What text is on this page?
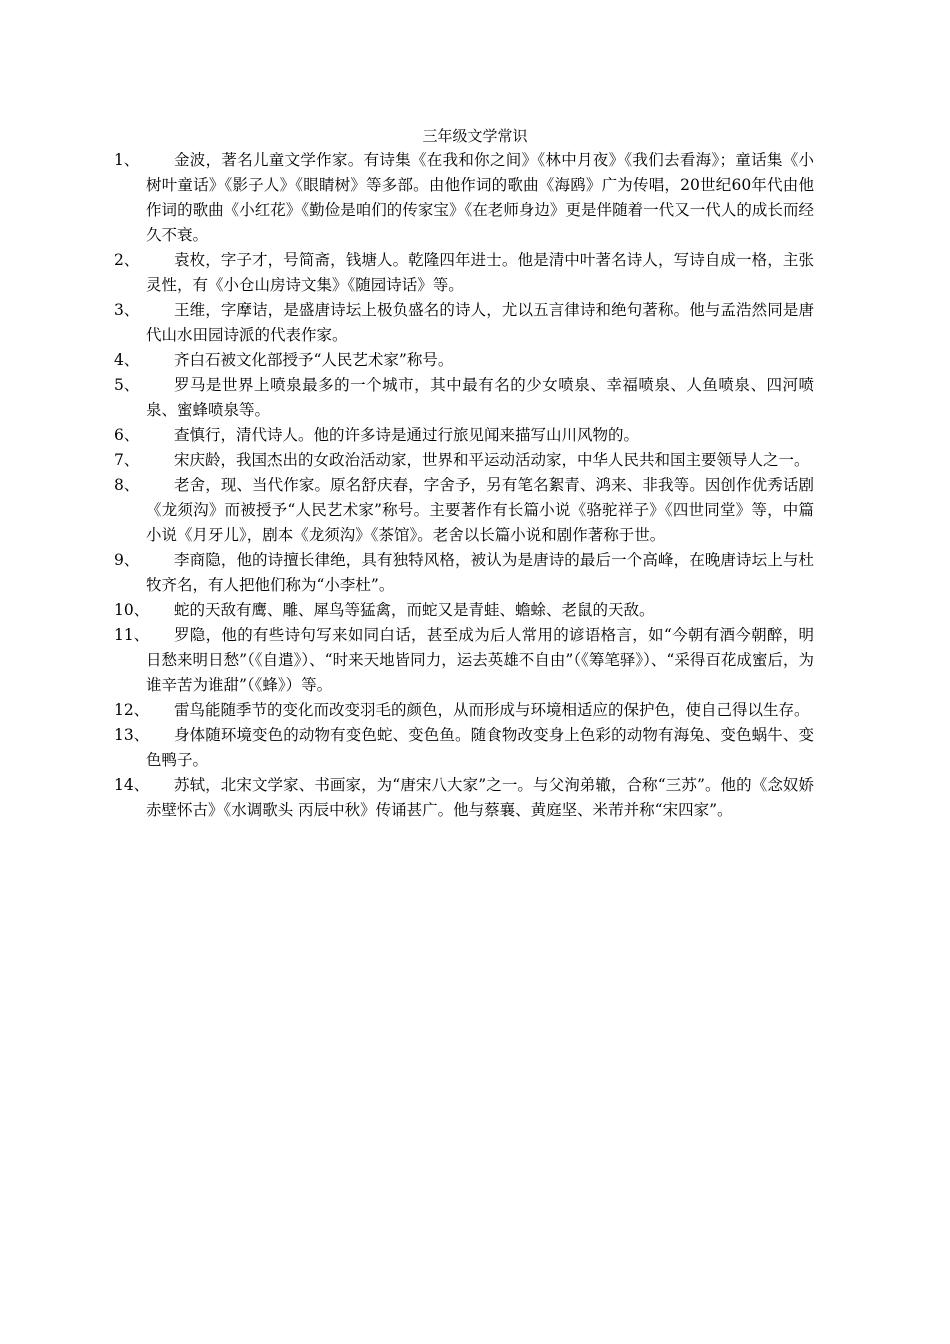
三年级文学常识
1、	金波，著名儿童文学作家。有诗集《在我和你之间》《林中月夜》《我们去看海》；童话集《小树叶童话》《影子人》《眼睛树》等多部。由他作词的歌曲《海鸥》广为传唱，20世纪60年代由他作词的歌曲《小红花》《勤俭是咱们的传家宝》《在老师身边》更是伴随着一代又一代人的成长而经久不衰。
2、	袁枚，字子才，号简斋，钱塘人。乾隆四年进士。他是清中叶著名诗人，写诗自成一格，主张灵性，有《小仓山房诗文集》《随园诗话》等。
3、	王维，字摩诘，是盛唐诗坛上极负盛名的诗人，尤以五言律诗和绝句著称。他与孟浩然同是唐代山水田园诗派的代表作家。
4、	齐白石被文化部授予“人民艺术家”称号。
5、	罗马是世界上喷泉最多的一个城市，其中最有名的少女喷泉、幸福喷泉、人鱼喷泉、四河喷泉、蜜蜂喷泉等。
6、	查慎行，清代诗人。他的许多诗是通过行旅见闻来描写山川风物的。
7、	宋庆龄，我国杰出的女政治活动家，世界和平运动活动家，中华人民共和国主要领导人之一。
8、	老舍，现、当代作家。原名舒庆春，字舍予，另有笔名絮青、鸿来、非我等。因创作优秀话剧《龙须沟》而被授予“人民艺术家”称号。主要著作有长篇小说《骆驼祥子》《四世同堂》等，中篇小说《月牙儿》，剧本《龙须沟》《茶馆》。老舍以长篇小说和剧作著称于世。
9、	李商隐，他的诗擅长律绝，具有独特风格，被认为是唐诗的最后一个高峰，在晚唐诗坛上与杜牧齐名，有人把他们称为“小李杜”。
10、	蛇的天敌有鹰、雕、犀鸟等猛禽，而蛇又是青蛙、蟾蜍、老鼠的天敌。
11、	罗隐，他的有些诗句写来如同白话，甚至成为后人常用的谚语格言，如“今朝有酒今朝醉，明日愁来明日愁”（《自遣》）、“时来天地皆同力，运去英雄不自由”（《筹笔驿》）、“采得百花成蜜后，为谁辛苦为谁甜”（《蜂》）等。
12、	雷鸟能随季节的变化而改变羽毛的颜色，从而形成与环境相适应的保护色，使自己得以生存。
13、	身体随环境变色的动物有变色蛇、变色鱼。随食物改变身上色彩的动物有海兔、变色蜗牛、变色鸭子。
14、	苏轼，北宋文学家、书画家，为“唐宋八大家”之一。与父洵弟辙，合称“三苏”。他的《念奴娇 赤壁怀古》《水调歌头 丙辰中秋》传诵甚广。他与蔡襄、黄庭坚、米芾并称“宋四家”。
